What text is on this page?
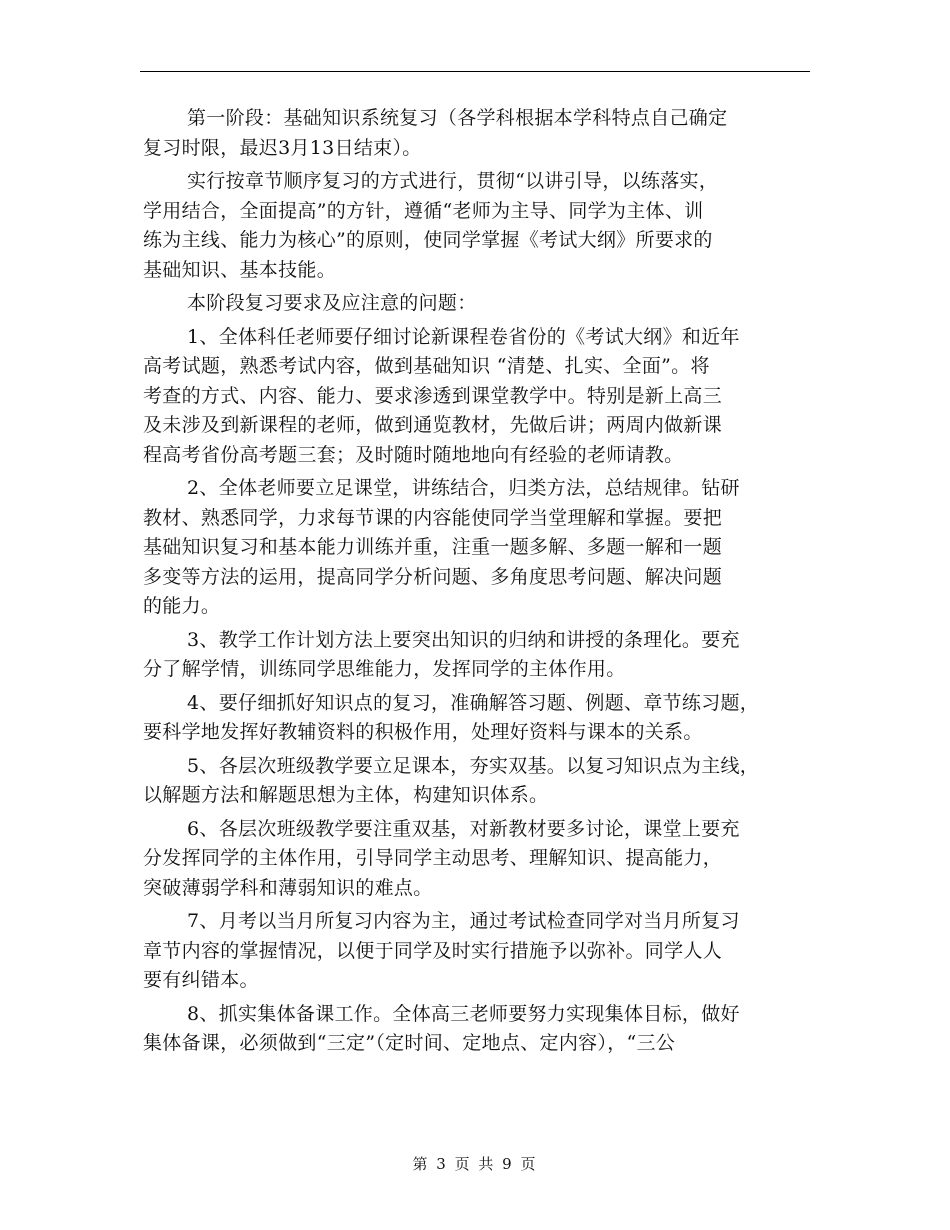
第一阶段：基础知识系统复习（各学科根据本学科特点自己确定
复习时限，最迟3月13日结束）。
实行按章节顺序复习的方式进行，贯彻“以讲引导，以练落实，
学用结合，全面提高”的方针，遵循“老师为主导、同学为主体、训
练为主线、能力为核心”的原则，使同学掌握《考试大纲》所要求的
基础知识、基本技能。
本阶段复习要求及应注意的问题：
1、全体科任老师要仔细讨论新课程卷省份的《考试大纲》和近年
高考试题，熟悉考试内容，做到基础知识 “清楚、扎实、全面”。将
考查的方式、内容、能力、要求渗透到课堂教学中。特别是新上高三
及未涉及到新课程的老师，做到通览教材，先做后讲；两周内做新课
程高考省份高考题三套；及时随时随地地向有经验的老师请教。
2、全体老师要立足课堂，讲练结合，归类方法，总结规律。钻研
教材、熟悉同学，力求每节课的内容能使同学当堂理解和掌握。要把
基础知识复习和基本能力训练并重，注重一题多解、多题一解和一题
多变等方法的运用，提高同学分析问题、多角度思考问题、解决问题
的能力。
3、教学工作计划方法上要突出知识的归纳和讲授的条理化。要充
分了解学情，训练同学思维能力，发挥同学的主体作用。
4、要仔细抓好知识点的复习，准确解答习题、例题、章节练习题，
要科学地发挥好教辅资料的积极作用，处理好资料与课本的关系。
5、各层次班级教学要立足课本，夯实双基。以复习知识点为主线，
以解题方法和解题思想为主体，构建知识体系。
6、各层次班级教学要注重双基，对新教材要多讨论，课堂上要充
分发挥同学的主体作用，引导同学主动思考、理解知识、提高能力，
突破薄弱学科和薄弱知识的难点。
7、月考以当月所复习内容为主，通过考试检查同学对当月所复习
章节内容的掌握情况，以便于同学及时实行措施予以弥补。同学人人
要有纠错本。
8、抓实集体备课工作。全体高三老师要努力实现集体目标，做好
集体备课，必须做到“三定”（定时间、定地点、定内容），“三公
第 3 页 共 9 页
